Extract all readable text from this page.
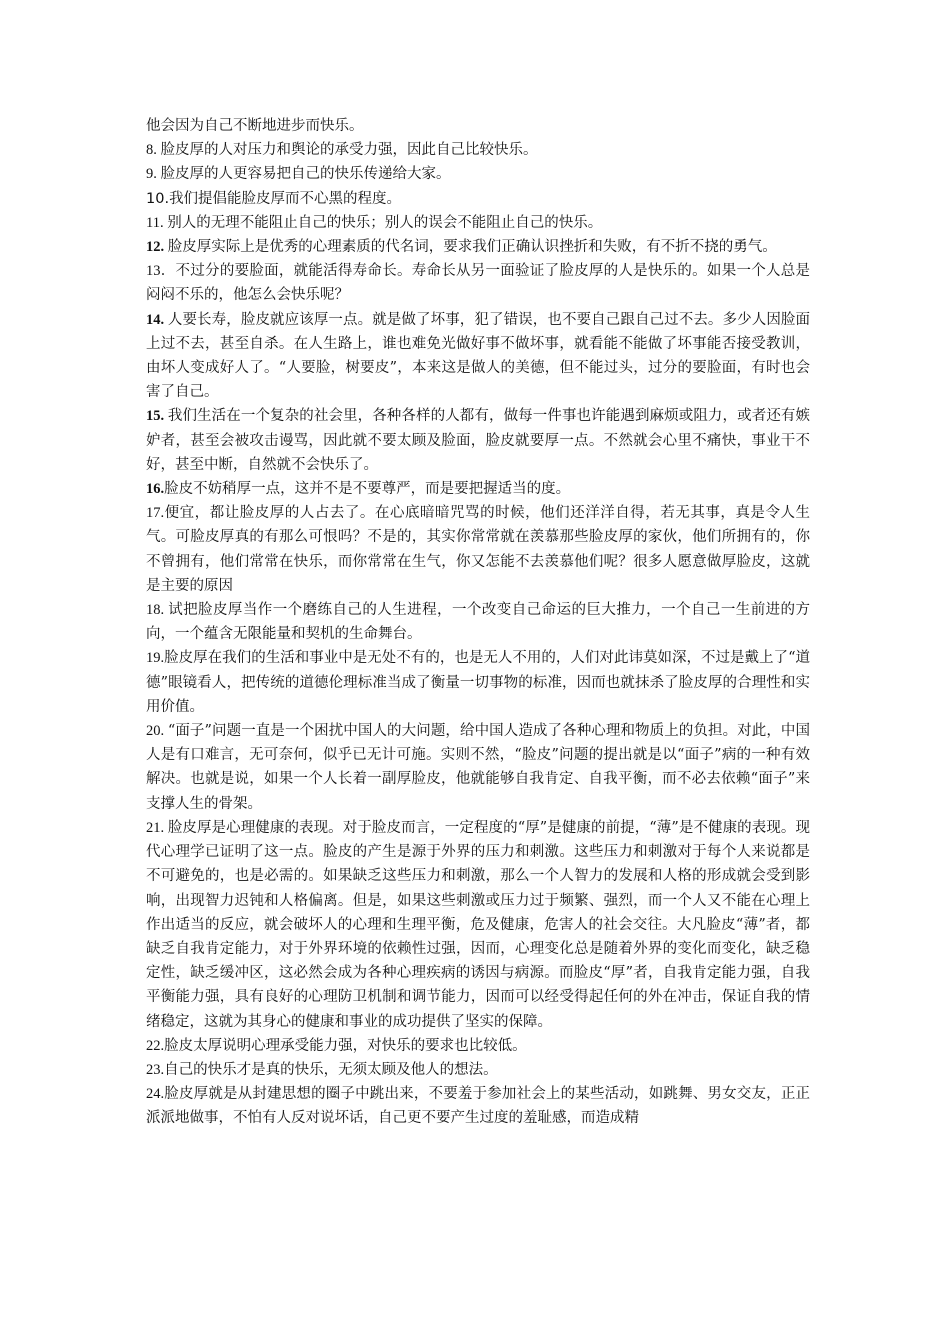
他会因为自己不断地进步而快乐。

8. 脸皮厚的人对压力和舆论的承受力强，因此自己比较快乐。

9. 脸皮厚的人更容易把自己的快乐传递给大家。

10.我们提倡能脸皮厚而不心黑的程度。

11. 别人的无理不能阻止自己的快乐；别人的误会不能阻止自己的快乐。

12. 脸皮厚实际上是优秀的心理素质的代名词，要求我们正确认识挫折和失败，有不折不挠的勇气。

13．不过分的要脸面，就能活得寿命长。寿命长从另一面验证了脸皮厚的人是快乐的。如果一个人总是闷闷不乐的，他怎么会快乐呢？

14. 人要长寿，脸皮就应该厚一点。就是做了坏事，犯了错误，也不要自己跟自己过不去。多少人因脸面上过不去，甚至自杀。在人生路上，谁也难免光做好事不做坏事，就看能不能做了坏事能否接受教训，由坏人变成好人了。“人要脸，树要皮”，本来这是做人的美德，但不能过头，过分的要脸面，有时也会害了自己。

15. 我们生活在一个复杂的社会里，各种各样的人都有，做每一件事也许能遇到麻烦或阻力，或者还有嫉妒者，甚至会被攻击谩骂，因此就不要太顾及脸面，脸皮就要厚一点。不然就会心里不痛快，事业干不好，甚至中断，自然就不会快乐了。

16.脸皮不妨稍厚一点，这并不是不要尊严，而是要把握适当的度。

17.便宜，都让脸皮厚的人占去了。在心底暗暗咒骂的时候，他们还洋洋自得，若无其事，真是令人生气。可脸皮厚真的有那么可恨吗？不是的，其实你常常就在羡慕那些脸皮厚的家伙，他们所拥有的，你不曾拥有，他们常常在快乐，而你常常在生气，你又怎能不去羡慕他们呢？很多人愿意做厚脸皮，这就是主要的原因

18. 试把脸皮厚当作一个磨练自己的人生进程，一个改变自己命运的巨大推力，一个自己一生前进的方向，一个蕴含无限能量和契机的生命舞台。

19.脸皮厚在我们的生活和事业中是无处不有的，也是无人不用的，人们对此讳莫如深，不过是戴上了“道德”眼镜看人，把传统的道德伦理标准当成了衡量一切事物的标准，因而也就抹杀了脸皮厚的合理性和实用价值。

20. “面子”问题一直是一个困扰中国人的大问题，给中国人造成了各种心理和物质上的负担。对此，中国人是有口难言，无可奈何，似乎已无计可施。实则不然，“脸皮”问题的提出就是以“面子”病的一种有效解决。也就是说，如果一个人长着一副厚脸皮，他就能够自我肯定、自我平衡，而不必去依赖“面子”来支撑人生的骨架。

21. 脸皮厚是心理健康的表现。对于脸皮而言，一定程度的“厚”是健康的前提，“薄”是不健康的表现。现代心理学已证明了这一点。脸皮的产生是源于外界的压力和刺激。这些压力和刺激对于每个人来说都是不可避免的，也是必需的。如果缺乏这些压力和刺激，那么一个人智力的发展和人格的形成就会受到影响，出现智力迟钝和人格偏离。但是，如果这些刺激或压力过于频繁、强烈，而一个人又不能在心理上作出适当的反应，就会破坏人的心理和生理平衡，危及健康，危害人的社会交往。大凡脸皮“薄”者，都缺乏自我肯定能力，对于外界环境的依赖性过强，因而，心理变化总是随着外界的变化而变化，缺乏稳定性，缺乏缓冲区，这必然会成为各种心理疾病的诱因与病源。而脸皮“厚”者，自我肯定能力强，自我平衡能力强，具有良好的心理防卫机制和调节能力，因而可以经受得起任何的外在冲击，保证自我的情绪稳定，这就为其身心的健康和事业的成功提供了坚实的保障。

22.脸皮太厚说明心理承受能力强，对快乐的要求也比较低。

23.自己的快乐才是真的快乐，无须太顾及他人的想法。

24.脸皮厚就是从封建思想的圈子中跳出来，不要羞于参加社会上的某些活动，如跳舞、男女交友，正正派派地做事，不怕有人反对说坏话，自己更不要产生过度的羞耻感，而造成精
